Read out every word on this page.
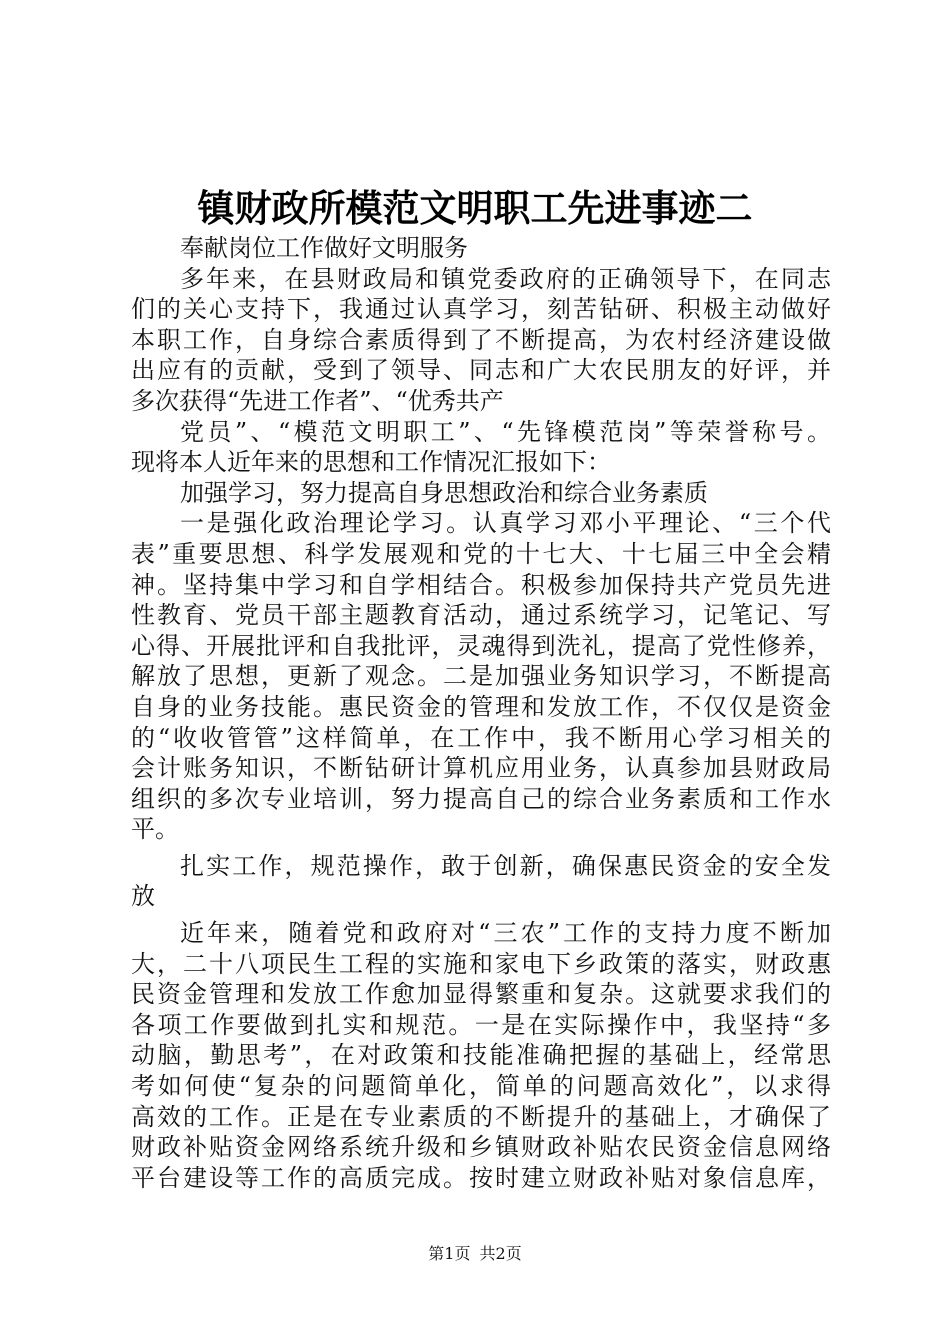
镇财政所模范文明职工先进事迹二
奉献岗位工作做好文明服务
多年来，在县财政局和镇党委政府的正确领导下，在同志
们的关心支持下，我通过认真学习，刻苦钻研、积极主动做好
本职工作，自身综合素质得到了不断提高，为农村经济建设做
出应有的贡献，受到了领导、同志和广大农民朋友的好评，并
多次获得“先进工作者”、“优秀共产
党员”、“模范文明职工”、“先锋模范岗”等荣誉称号。
现将本人近年来的思想和工作情况汇报如下：
加强学习，努力提高自身思想政治和综合业务素质
一是强化政治理论学习。认真学习邓小平理论、“三个代
表”重要思想、科学发展观和党的十七大、十七届三中全会精
神。坚持集中学习和自学相结合。积极参加保持共产党员先进
性教育、党员干部主题教育活动，通过系统学习，记笔记、写
心得、开展批评和自我批评，灵魂得到洗礼，提高了党性修养，
解放了思想，更新了观念。二是加强业务知识学习，不断提高
自身的业务技能。惠民资金的管理和发放工作，不仅仅是资金
的“收收管管”这样简单，在工作中，我不断用心学习相关的
会计账务知识，不断钻研计算机应用业务，认真参加县财政局
组织的多次专业培训，努力提高自己的综合业务素质和工作水
平。
扎实工作，规范操作，敢于创新，确保惠民资金的安全发
放
近年来，随着党和政府对“三农”工作的支持力度不断加
大，二十八项民生工程的实施和家电下乡政策的落实，财政惠
民资金管理和发放工作愈加显得繁重和复杂。这就要求我们的
各项工作要做到扎实和规范。一是在实际操作中，我坚持“多
动脑，勤思考”，在对政策和技能准确把握的基础上，经常思
考如何使“复杂的问题简单化，简单的问题高效化”，以求得
高效的工作。正是在专业素质的不断提升的基础上，才确保了
财政补贴资金网络系统升级和乡镇财政补贴农民资金信息网络
平台建设等工作的高质完成。按时建立财政补贴对象信息库，
第1页 共2页
